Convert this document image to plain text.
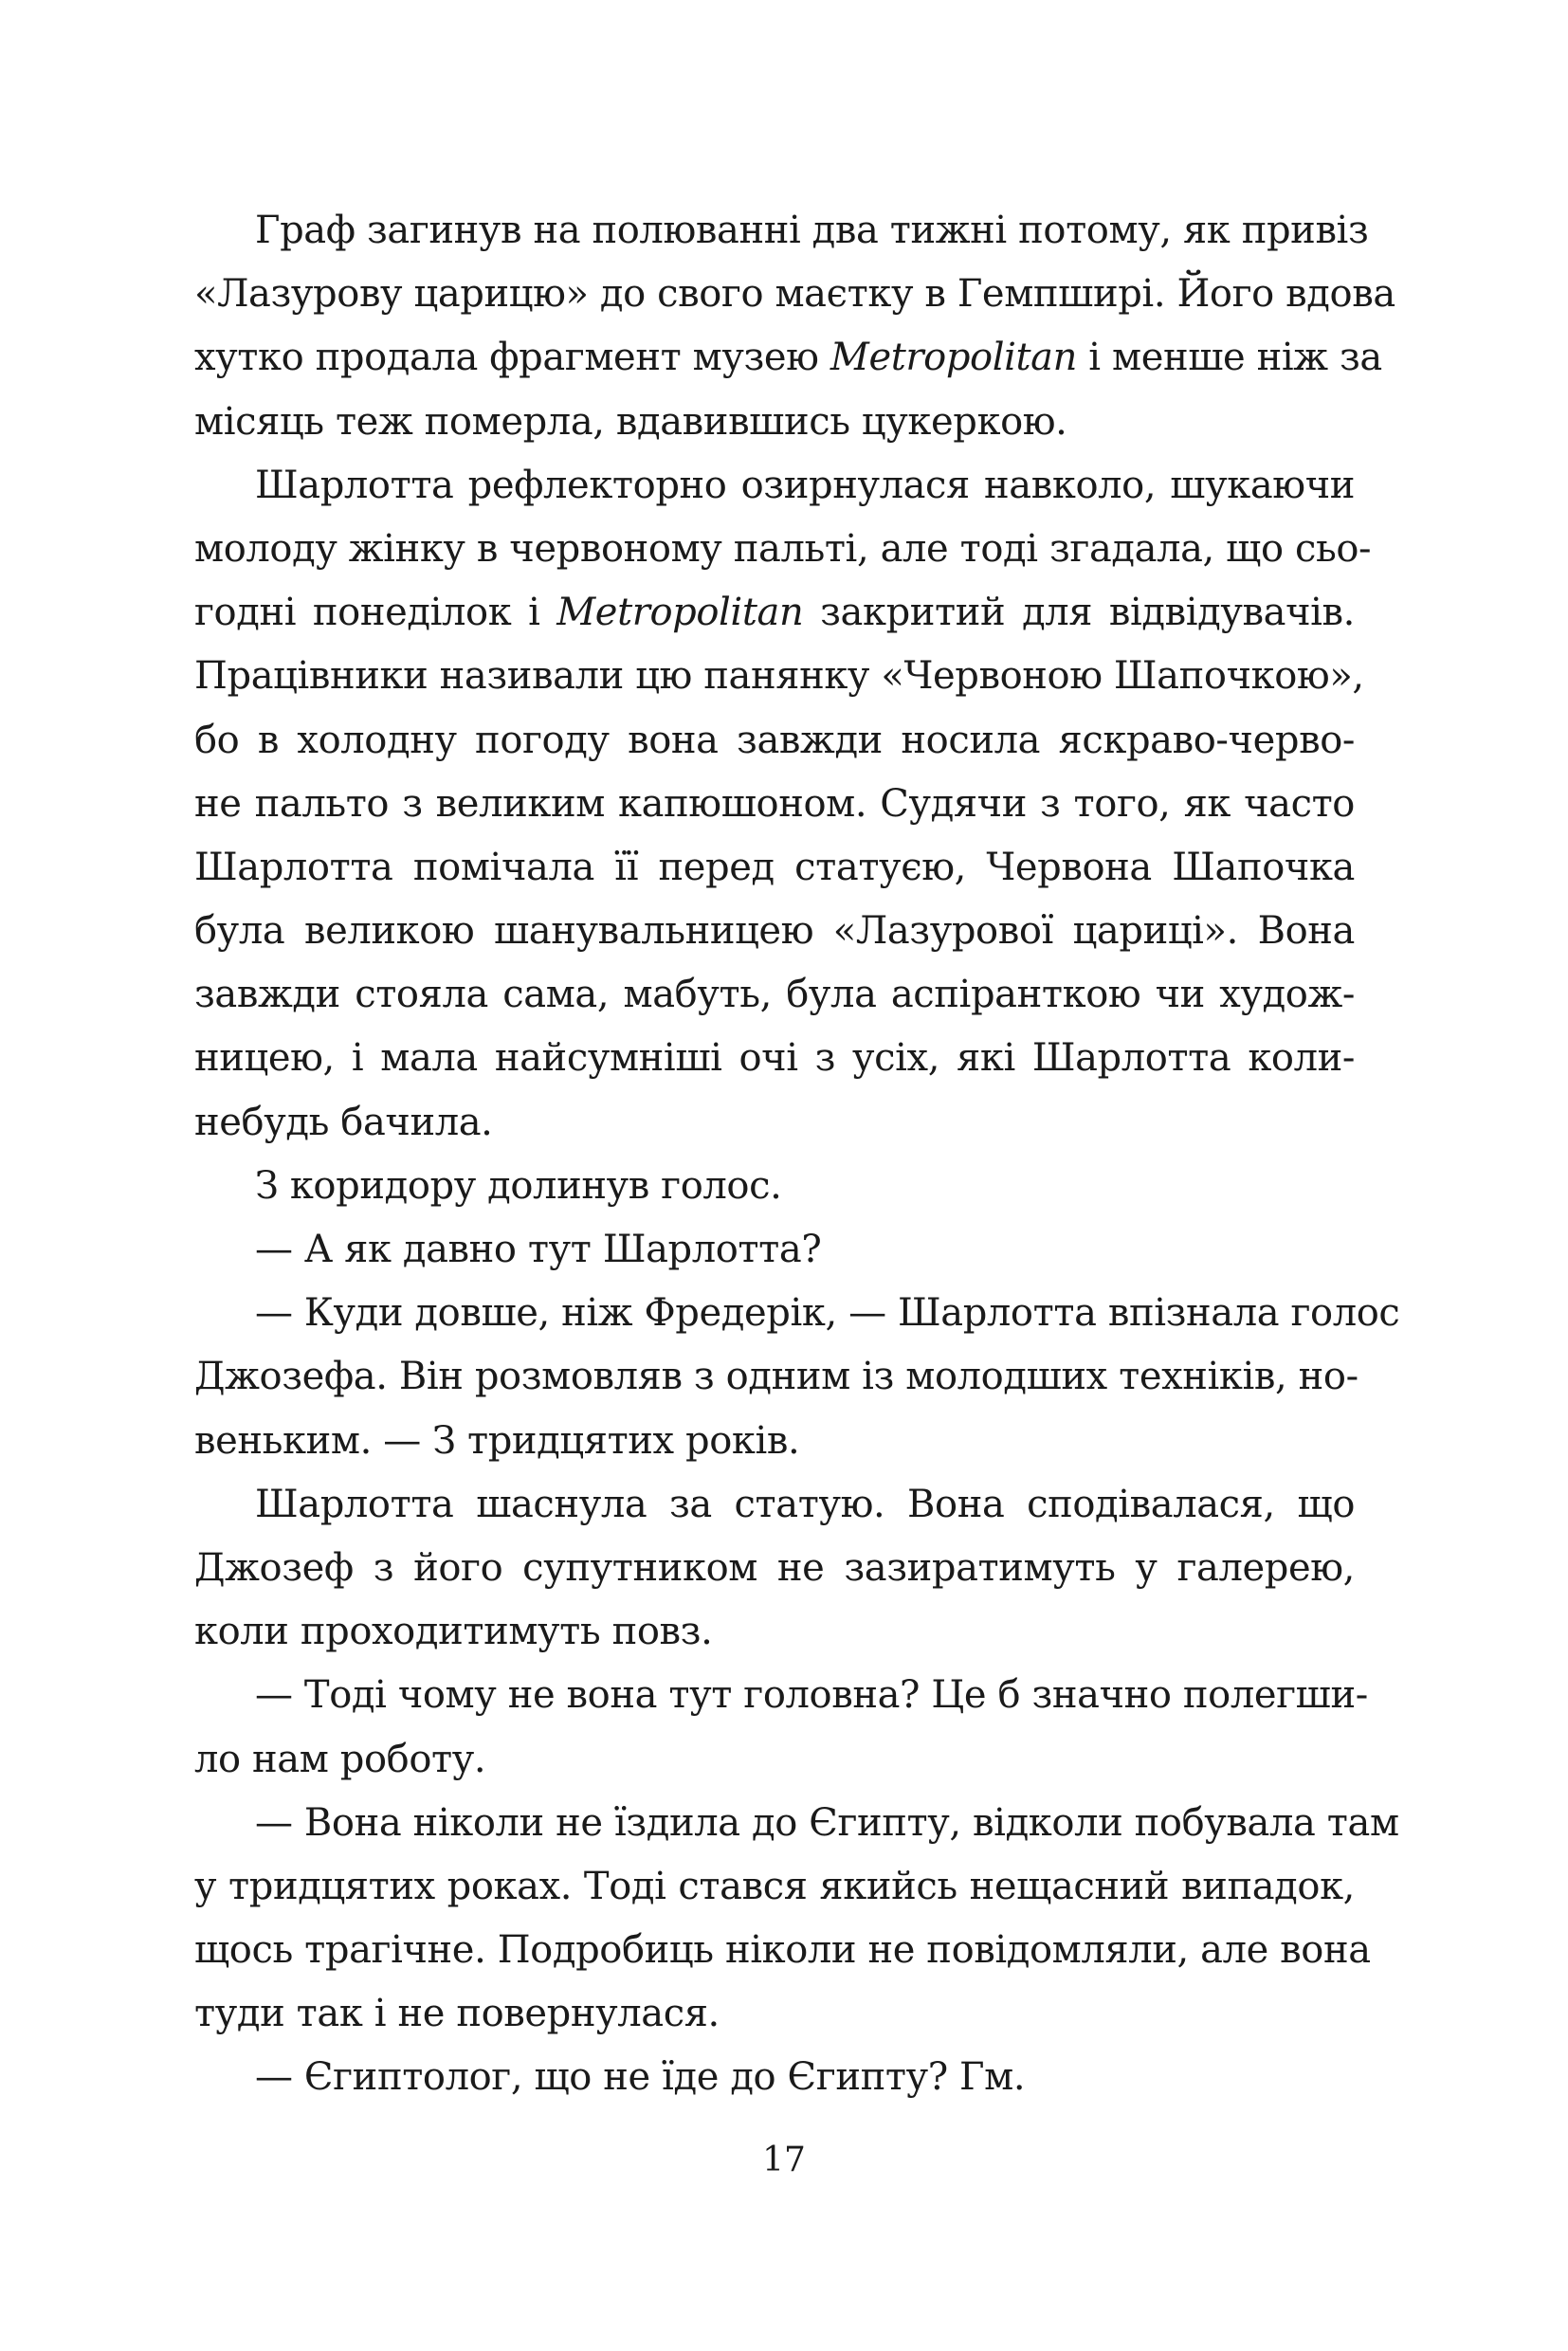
Граф загинув на полюванні два тижні потому, як привіз
«Лазурову царицю» до свого маєтку в Гемпширі. Його вдова
хутко продала фрагмент музею Metropolitan і менше ніж за
місяць теж померла, вдавившись цукеркою.
Шарлотта рефлекторно озирнулася навколо, шукаючи
молоду жінку в червоному пальті, але тоді згадала, що сьо-
годні понеділок і Metropolitan закритий для відвідувачів.
Працівники називали цю панянку «Червоною Шапочкою»,
бо в холодну погоду вона завжди носила яскраво-черво-
не пальто з великим капюшоном. Судячи з того, як часто
Шарлотта помічала її перед статуєю, Червона Шапочка
була великою шанувальницею «Лазурової цариці». Вона
завжди стояла сама, мабуть, була аспіранткою чи худож-
ницею, і мала найсумніші очі з усіх, які Шарлотта коли-
небудь бачила.
З коридору долинув голос.
— А як давно тут Шарлотта?
— Куди довше, ніж Фредерік, — Шарлотта впізнала голос
Джозефа. Він розмовляв з одним із молодших техніків, но-
веньким. — З тридцятих років.
Шарлотта шаснула за статую. Вона сподівалася, що
Джозеф з його супутником не зазиратимуть у галерею,
коли проходитимуть повз.
— Тоді чому не вона тут головна? Це б значно полегши-
ло нам роботу.
— Вона ніколи не їздила до Єгипту, відколи побувала там
у тридцятих роках. Тоді стався якийсь нещасний випадок,
щось трагічне. Подробиць ніколи не повідомляли, але вона
туди так і не повернулася.
— Єгиптолог, що не їде до Єгипту? Гм.
17
